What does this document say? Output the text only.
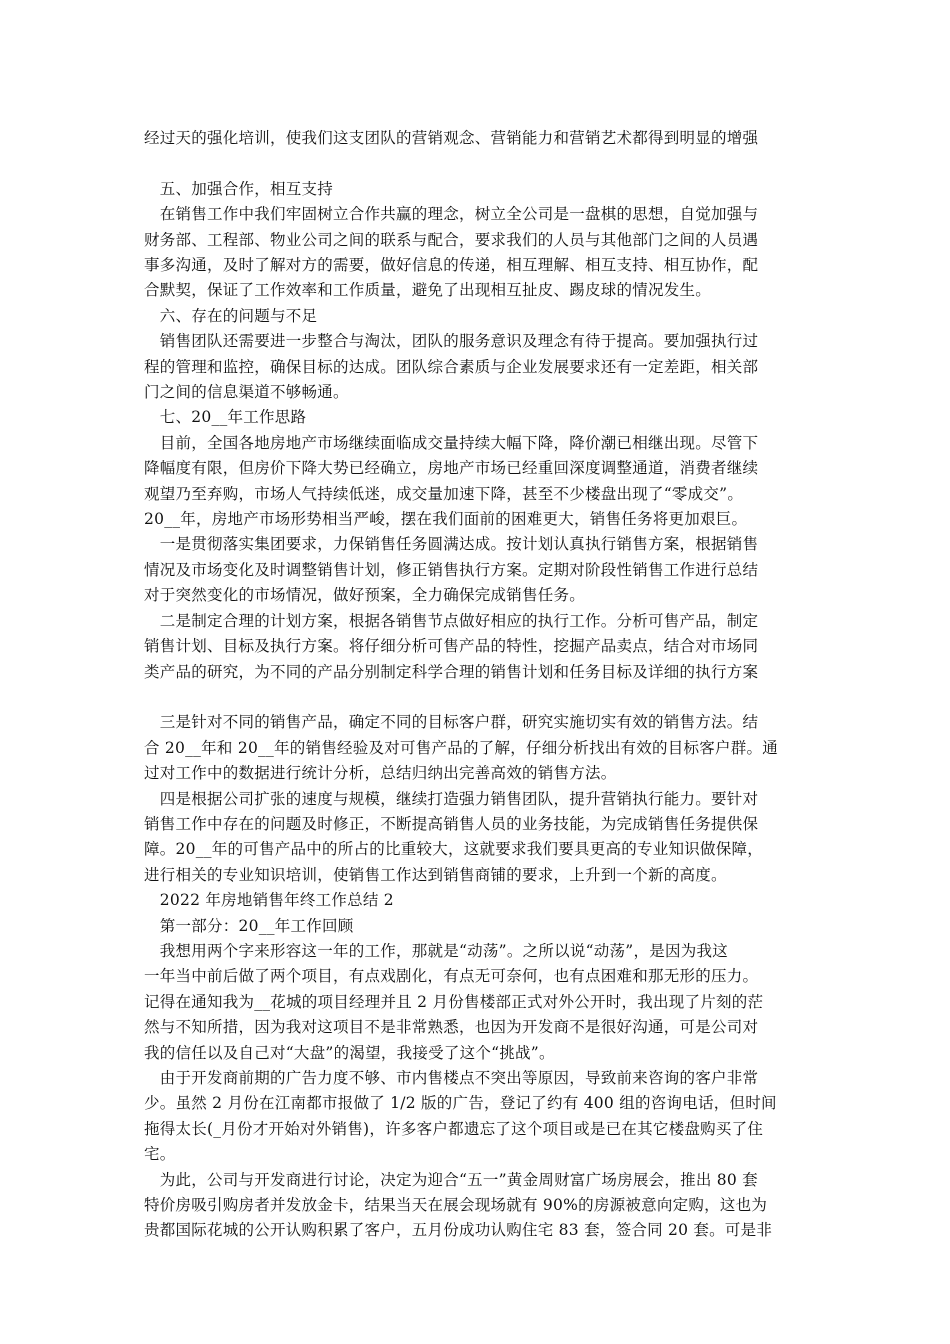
经过天的强化培训，使我们这支团队的营销观念、营销能力和营销艺术都得到明显的增强

　五、加强合作，相互支持

　在销售工作中我们牢固树立合作共赢的理念，树立全公司是一盘棋的思想，自觉加强与

财务部、工程部、物业公司之间的联系与配合，要求我们的人员与其他部门之间的人员遇

事多沟通，及时了解对方的需要，做好信息的传递，相互理解、相互支持、相互协作，配

合默契，保证了工作效率和工作质量，避免了出现相互扯皮、踢皮球的情况发生。

　六、存在的问题与不足

　销售团队还需要进一步整合与淘汰，团队的服务意识及理念有待于提高。要加强执行过

程的管理和监控，确保目标的达成。团队综合素质与企业发展要求还有一定差距，相关部

门之间的信息渠道不够畅通。

　七、20__年工作思路

　目前，全国各地房地产市场继续面临成交量持续大幅下降，降价潮已相继出现。尽管下

降幅度有限，但房价下降大势已经确立，房地产市场已经重回深度调整通道，消费者继续

观望乃至弃购，市场人气持续低迷，成交量加速下降，甚至不少楼盘出现了“零成交”。

20__年，房地产市场形势相当严峻，摆在我们面前的困难更大，销售任务将更加艰巨。

　一是贯彻落实集团要求，力保销售任务圆满达成。按计划认真执行销售方案，根据销售

情况及市场变化及时调整销售计划，修正销售执行方案。定期对阶段性销售工作进行总结

对于突然变化的市场情况，做好预案，全力确保完成销售任务。

　二是制定合理的计划方案，根据各销售节点做好相应的执行工作。分析可售产品，制定

销售计划、目标及执行方案。将仔细分析可售产品的特性，挖掘产品卖点，结合对市场同

类产品的研究，为不同的产品分别制定科学合理的销售计划和任务目标及详细的执行方案

　三是针对不同的销售产品，确定不同的目标客户群，研究实施切实有效的销售方法。结

合 20__年和 20__年的销售经验及对可售产品的了解，仔细分析找出有效的目标客户群。通

过对工作中的数据进行统计分析，总结归纳出完善高效的销售方法。

　四是根据公司扩张的速度与规模，继续打造强力销售团队，提升营销执行能力。要针对

销售工作中存在的问题及时修正，不断提高销售人员的业务技能，为完成销售任务提供保

障。20__年的可售产品中的所占的比重较大，这就要求我们要具更高的专业知识做保障，

进行相关的专业知识培训，使销售工作达到销售商铺的要求，上升到一个新的高度。

　2022 年房地销售年终工作总结 2

　第一部分：20__年工作回顾

　我想用两个字来形容这一年的工作，那就是“动荡”。之所以说“动荡”，是因为我这

一年当中前后做了两个项目，有点戏剧化，有点无可奈何，也有点困难和那无形的压力。

记得在通知我为__花城的项目经理并且 2 月份售楼部正式对外公开时，我出现了片刻的茫

然与不知所措，因为我对这项目不是非常熟悉，也因为开发商不是很好沟通，可是公司对

我的信任以及自己对“大盘”的渴望，我接受了这个“挑战”。

　由于开发商前期的广告力度不够、市内售楼点不突出等原因，导致前来咨询的客户非常

少。虽然 2 月份在江南都市报做了 1/2 版的广告，登记了约有 400 组的咨询电话，但时间

拖得太长(_月份才开始对外销售)，许多客户都遗忘了这个项目或是已在其它楼盘购买了住

宅。

　为此，公司与开发商进行讨论，决定为迎合“五一”黄金周财富广场房展会，推出 80 套

特价房吸引购房者并发放金卡，结果当天在展会现场就有 90%的房源被意向定购，这也为

贵都国际花城的公开认购积累了客户，五月份成功认购住宅 83 套，签合同 20 套。可是非
